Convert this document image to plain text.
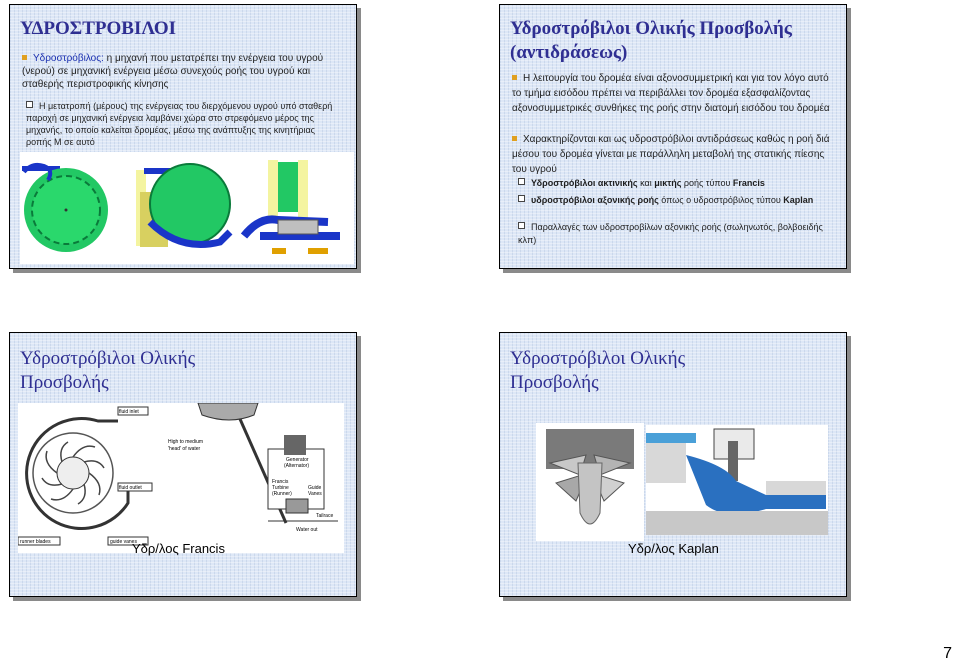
ΥΔΡΟΣΤΡΟΒΙΛΟΙ
Υδροστρόβιλος: η μηχανή που μετατρέπει την ενέργεια του υγρού (νερού) σε μηχανική ενέργεια μέσω συνεχούς ροής του υγρού και σταθερής περιστροφικής κίνησης
Η μετατροπή (μέρους) της ενέργειας του διερχόμενου υγρού υπό σταθερή παροχή σε μηχανική ενέργεια λαμβάνει χώρα στο στρεφόμενο μέρος της μηχανής, το οποίο καλείται δρομέας, μέσω της ανάπτυξης της κινητήριας ροπής Μ σε αυτό
Υδροστρόβιλοι Ολικής Προσβολής (αντιδράσεως)
Η λειτουργία του δρομέα είναι αξονοσυμμετρική και για τον λόγο αυτό το τμήμα εισόδου πρέπει να περιβάλλει τον δρομέα εξασφαλίζοντας αξονοσυμμετρικές συνθήκες της ροής στην διατομή εισόδου του δρομέα
Χαρακτηρίζονται και ως υδροστρόβιλοι αντιδράσεως καθώς η ροή διά μέσου του δρομέα γίνεται με παράλληλη μεταβολή της στατικής πίεσης του υγρού
Υδροστρόβιλοι ακτινικής και μικτής ροής τύπου Francis
υδροστρόβιλοι αξονικής ροής όπως ο υδροστρόβιλος τύπου Kaplan
Παραλλαγές των υδροστροβίλων αξονικής ροής (σωληνωτός, βολβοειδής κλπ)
Υδροστρόβιλοι Ολικής
Προσβολής
fluid inlet
fluid outlet
runner blades	guide vanes
High to medium
'head' of water
Generator
(Alternator)
Francis
Turbine
(Runner)
Guide
Vanes
Water out
Tailrace
Υδρ/λος Francis
Υδροστρόβιλοι Ολικής
Προσβολής
Υδρ/λος Kaplan
7
